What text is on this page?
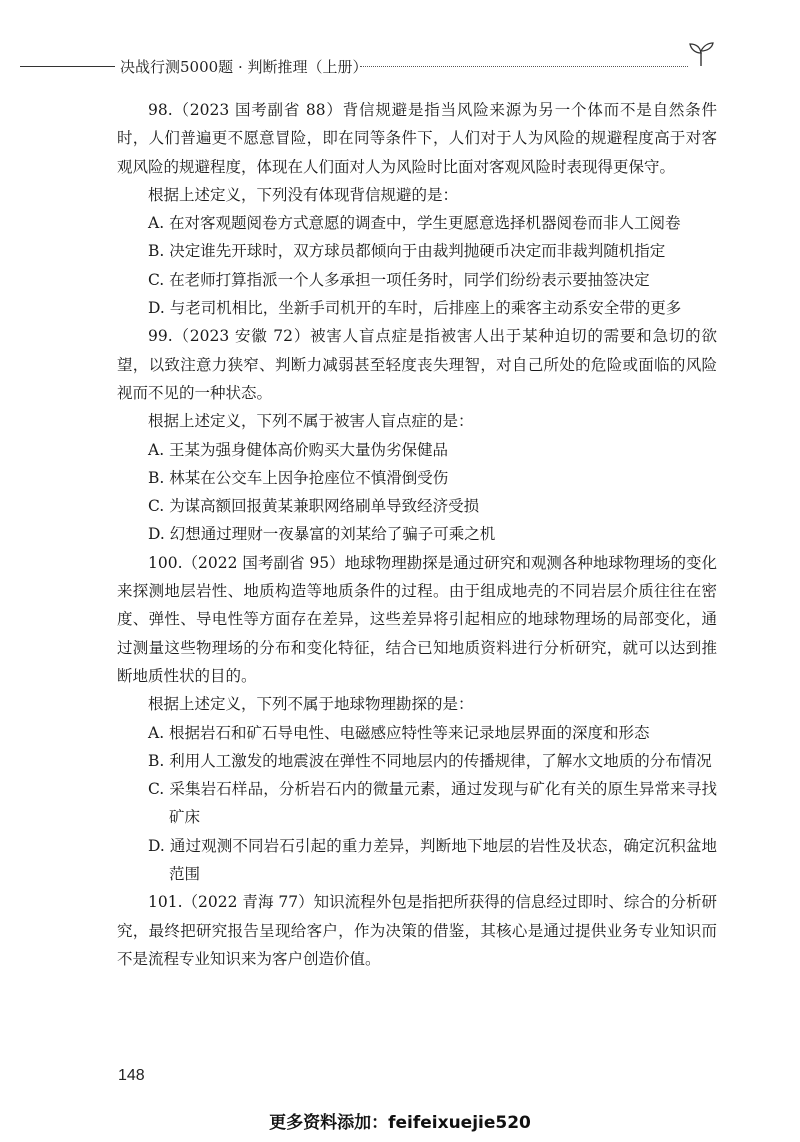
决战行测5000题 · 判断推理（上册）

98.（2023 国考副省 88）背信规避是指当风险来源为另一个体而不是自然条件时，人们普遍更不愿意冒险，即在同等条件下，人们对于人为风险的规避程度高于对客观风险的规避程度，体现在人们面对人为风险时比面对客观风险时表现得更保守。

根据上述定义，下列没有体现背信规避的是：

A. 在对客观题阅卷方式意愿的调查中，学生更愿意选择机器阅卷而非人工阅卷

B. 决定谁先开球时，双方球员都倾向于由裁判抛硬币决定而非裁判随机指定

C. 在老师打算指派一个人多承担一项任务时，同学们纷纷表示要抽签决定

D. 与老司机相比，坐新手司机开的车时，后排座上的乘客主动系安全带的更多

99.（2023 安徽 72）被害人盲点症是指被害人出于某种迫切的需要和急切的欲望，以致注意力狭窄、判断力减弱甚至轻度丧失理智，对自己所处的危险或面临的风险视而不见的一种状态。

根据上述定义，下列不属于被害人盲点症的是：

A. 王某为强身健体高价购买大量伪劣保健品

B. 林某在公交车上因争抢座位不慎滑倒受伤

C. 为谋高额回报黄某兼职网络刷单导致经济受损

D. 幻想通过理财一夜暴富的刘某给了骗子可乘之机

100.（2022 国考副省 95）地球物理勘探是通过研究和观测各种地球物理场的变化来探测地层岩性、地质构造等地质条件的过程。由于组成地壳的不同岩层介质往往在密度、弹性、导电性等方面存在差异，这些差异将引起相应的地球物理场的局部变化，通过测量这些物理场的分布和变化特征，结合已知地质资料进行分析研究，就可以达到推断地质性状的目的。

根据上述定义，下列不属于地球物理勘探的是：

A. 根据岩石和矿石导电性、电磁感应特性等来记录地层界面的深度和形态

B. 利用人工激发的地震波在弹性不同地层内的传播规律，了解水文地质的分布情况

C. 采集岩石样品，分析岩石内的微量元素，通过发现与矿化有关的原生异常来寻找矿床

D. 通过观测不同岩石引起的重力差异，判断地下地层的岩性及状态，确定沉积盆地范围

101.（2022 青海 77）知识流程外包是指把所获得的信息经过即时、综合的分析研究，最终把研究报告呈现给客户，作为决策的借鉴，其核心是通过提供业务专业知识而不是流程专业知识来为客户创造价值。

148
更多资料添加：feifeixuejie520
